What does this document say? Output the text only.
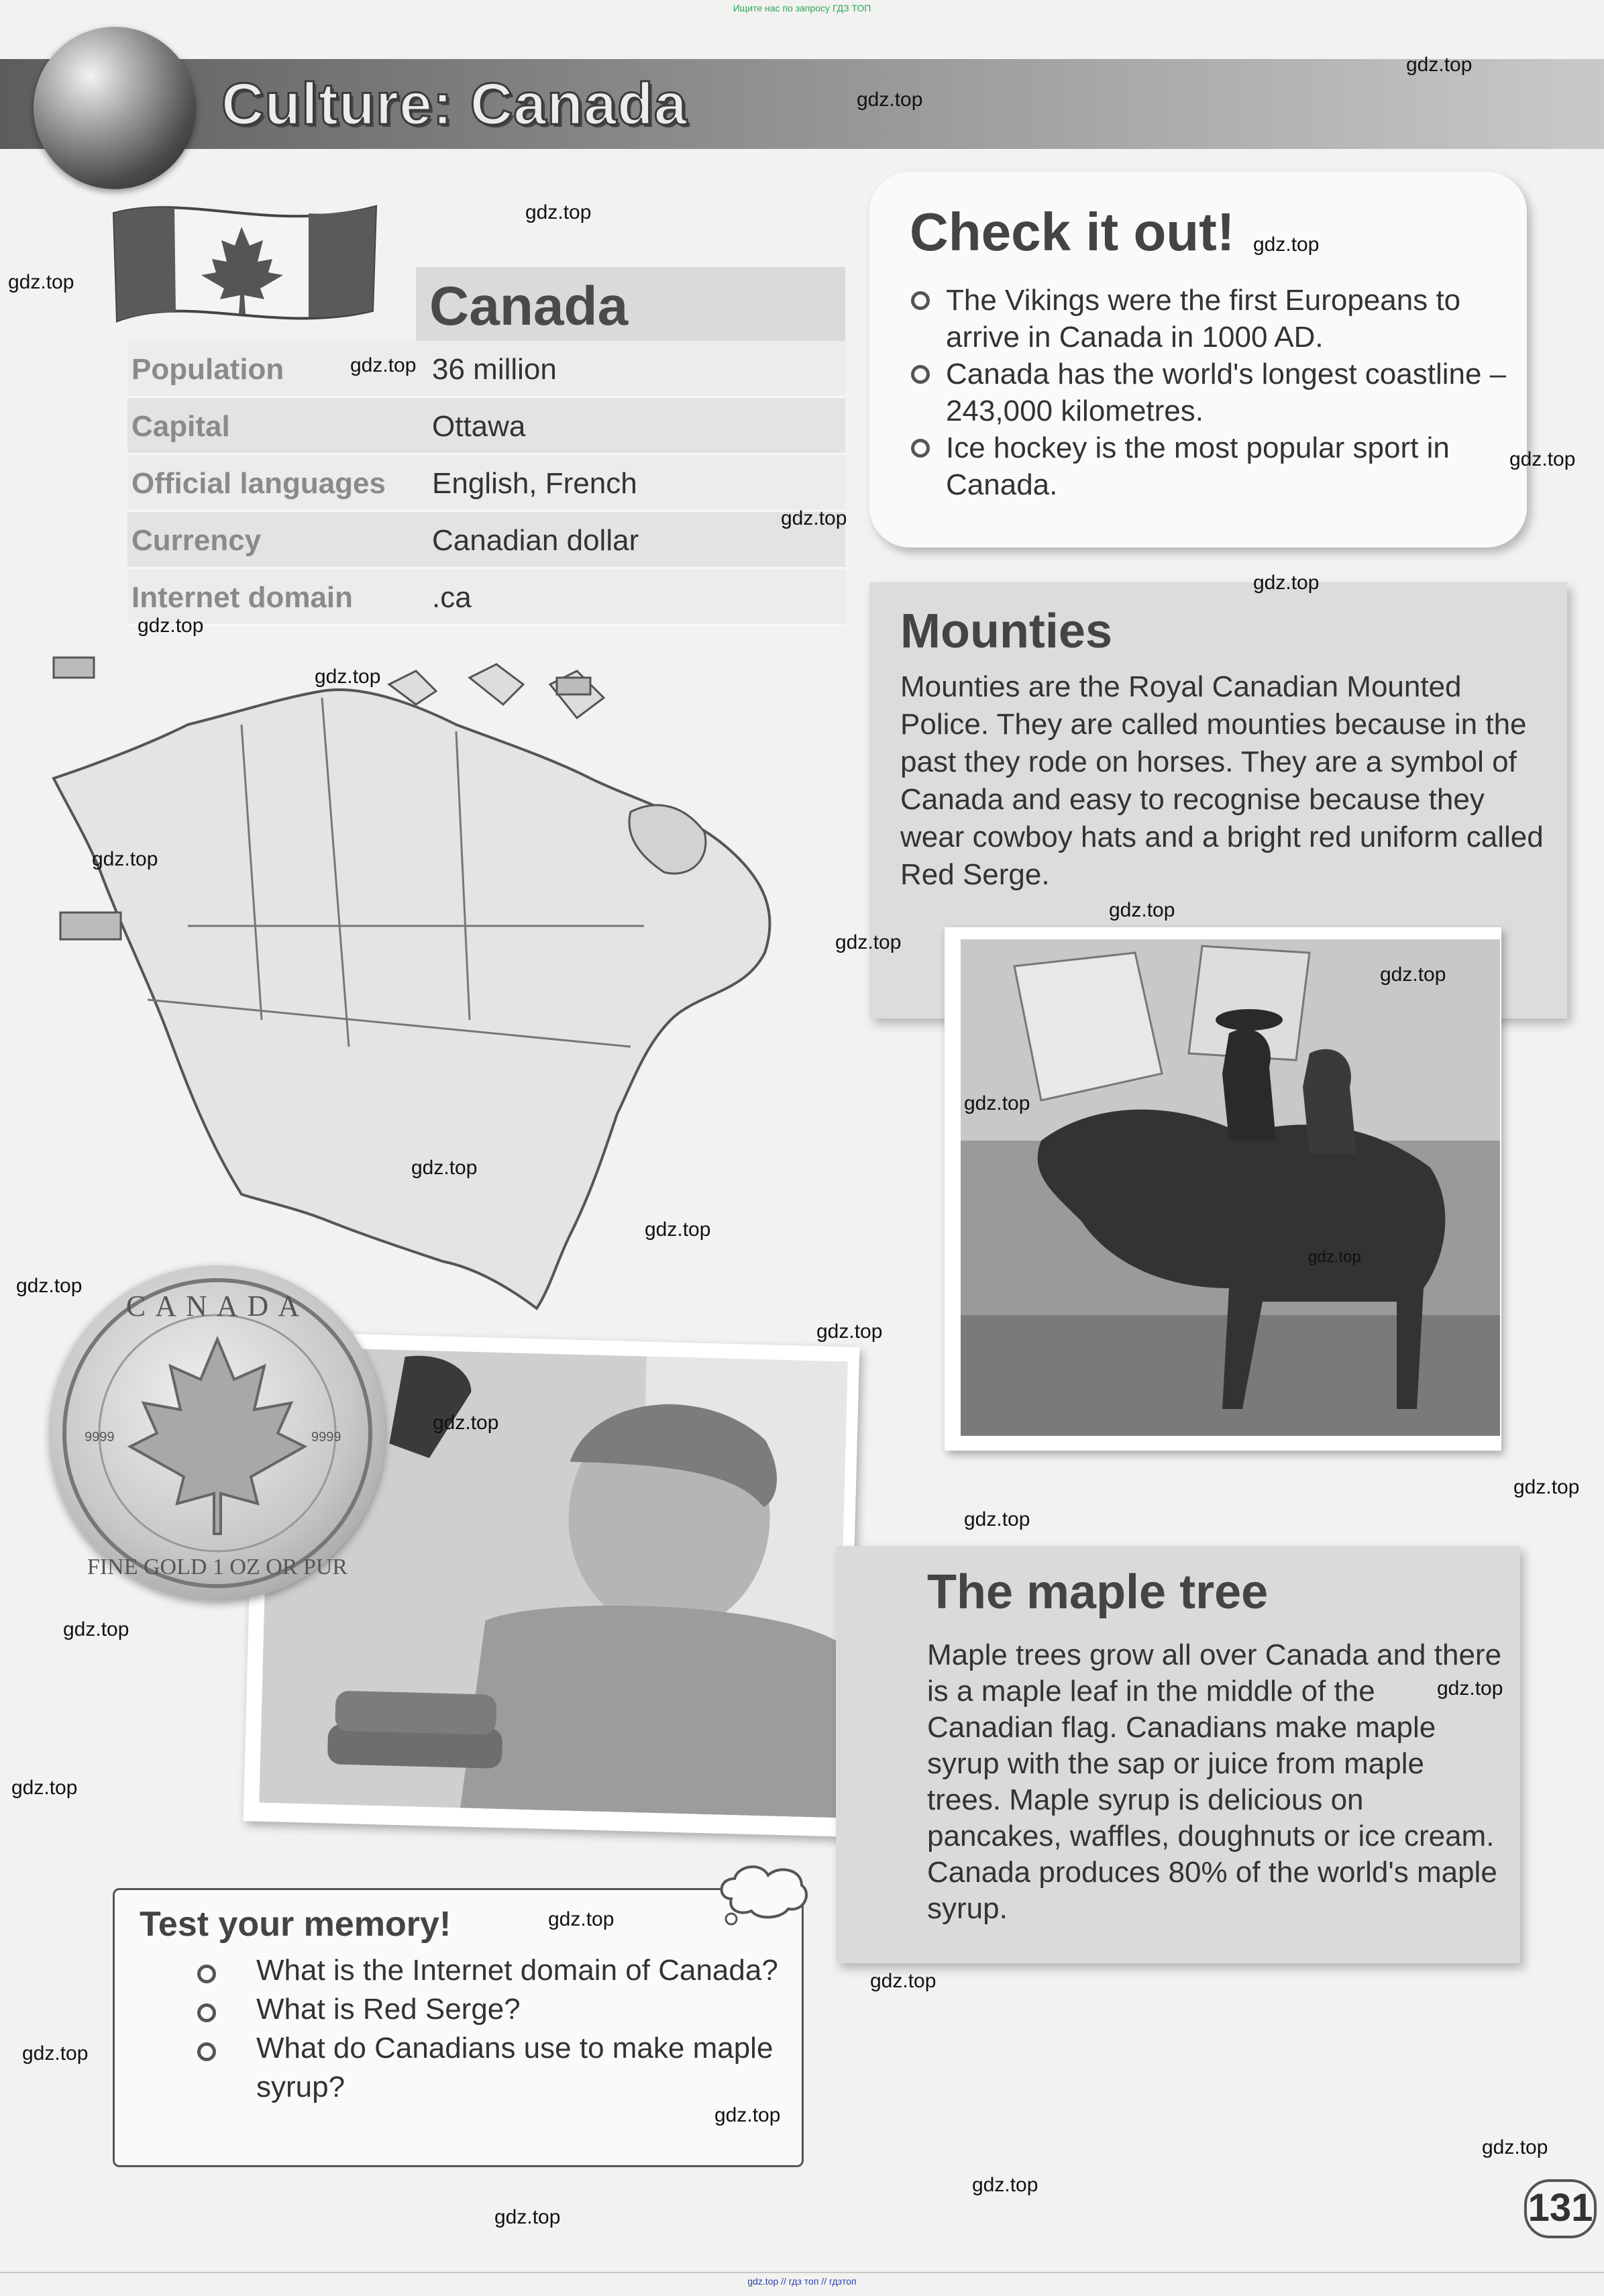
Ищите нас по запросу ГДЗ ТОП
Culture: Canada
Canada
Population	36 million
Capital	Ottawa
Official languages English, French
Currency	Canadian dollar
Internet domain	.ca
Check it out!
The Vikings were the first Europeans to arrive in Canada in 1000 AD.
Canada has the world's longest coastline – 243,000 kilometres.
Ice hockey is the most popular sport in Canada.
Mounties
Mounties are the Royal Canadian Mounted Police. They are called mounties because in the past they rode on horses. They are a symbol of Canada and easy to recognise because they wear cowboy hats and a bright red uniform called Red Serge.
CANADA
9999	9999
FINE GOLD 1 OZ OR PUR	The maple tree
Maple trees grow all over Canada and there is a maple leaf in the middle of the Canadian flag. Canadians make maple syrup with the sap or juice from maple trees. Maple syrup is delicious on pancakes, waffles, doughnuts or ice cream. Canada produces 80% of the world's maple syrup.
Test your memory!
What is the Internet domain of Canada?
What is Red Serge?
What do Canadians use to make maple syrup?
131
gdz.top
gdz.top
gdz.top
gdz.top
gdz.top
gdz.top
gdz.top
gdz.top
gdz.top
gdz.top
gdz.top
gdz.top
gdz.top
gdz.top
gdz.top
gdz.top
gdz.top
gdz.top
gdz.top
gdz.top
gdz.top
gdz.top
gdz.top
gdz.top
gdz.top
gdz.top
gdz.top
gdz.top
gdz.top
gdz.top
gdz.top
gdz.top
gdz.top
gdz.top
gdz.top // гдз топ // гдзтоп
